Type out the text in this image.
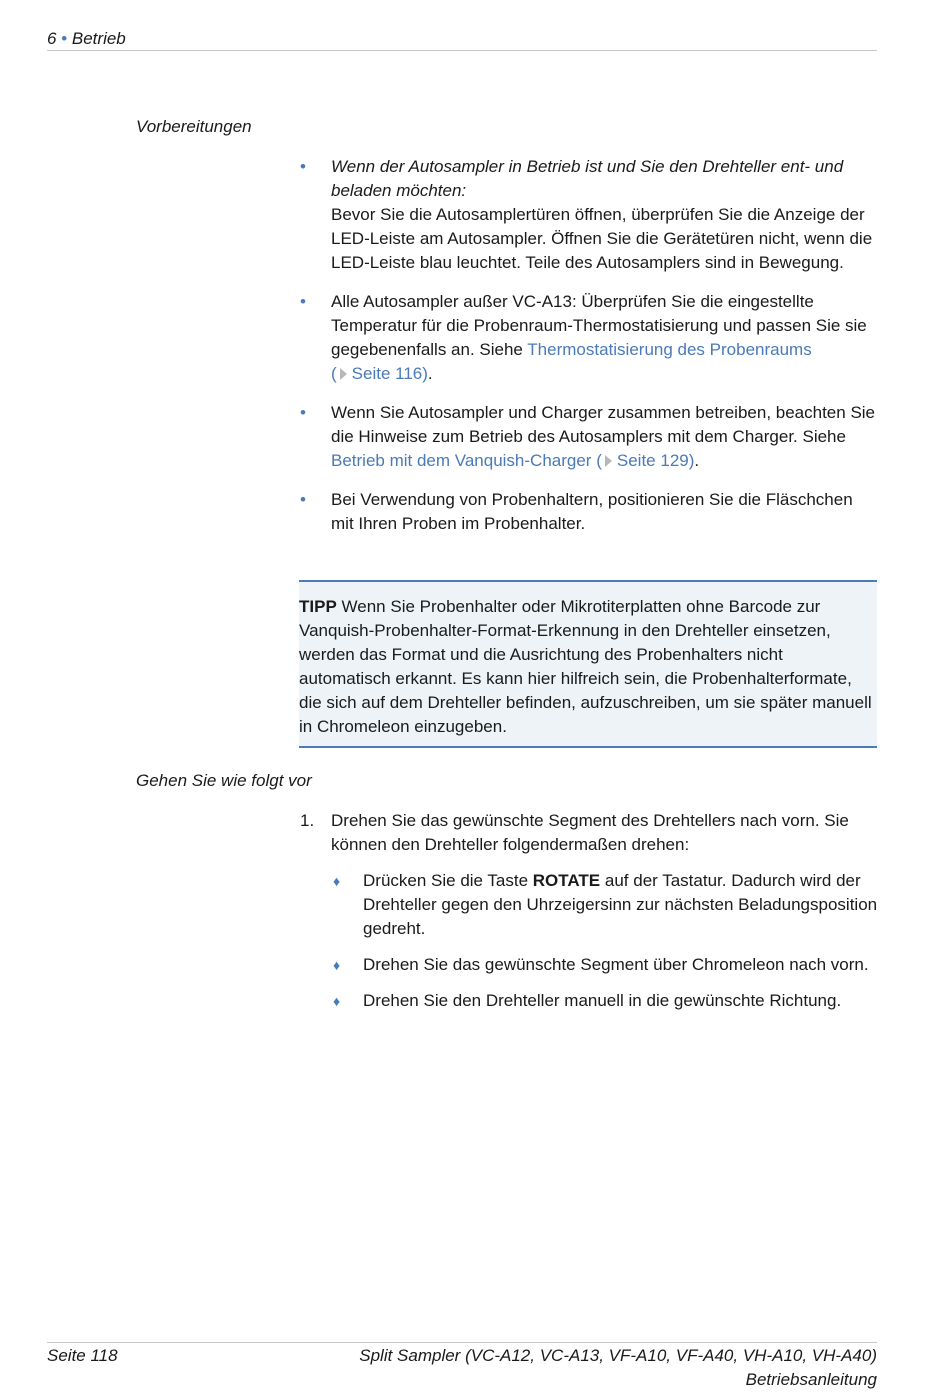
6 • Betrieb
Vorbereitungen
• Wenn der Autosampler in Betrieb ist und Sie den Drehteller ent- und beladen möchten:
Bevor Sie die Autosamplertüren öffnen, überprüfen Sie die Anzeige der LED-Leiste am Autosampler. Öffnen Sie die Gerätetüren nicht, wenn die LED-Leiste blau leuchtet. Teile des Autosamplers sind in Bewegung.
• Alle Autosampler außer VC-A13: Überprüfen Sie die eingestellte Temperatur für die Probenraum-Thermostatisierung und passen Sie sie gegebenenfalls an. Siehe Thermostatisierung des Probenraums
( Seite 116).
• Wenn Sie Autosampler und Charger zusammen betreiben, beachten Sie die Hinweise zum Betrieb des Autosamplers mit dem Charger. Siehe Betrieb mit dem Vanquish-Charger ( Seite 129).
• Bei Verwendung von Probenhaltern, positionieren Sie die Fläschchen mit Ihren Proben im Probenhalter.
TIPP Wenn Sie Probenhalter oder Mikrotiterplatten ohne Barcode zur Vanquish-Probenhalter-Format-Erkennung in den Drehteller einsetzen, werden das Format und die Ausrichtung des Probenhalters nicht automatisch erkannt. Es kann hier hilfreich sein, die Probenhalterformate, die sich auf dem Drehteller befinden, aufzuschreiben, um sie später manuell in Chromeleon einzugeben.
Gehen Sie wie folgt vor
1. Drehen Sie das gewünschte Segment des Drehtellers nach vorn. Sie können den Drehteller folgendermaßen drehen:
♦ Drücken Sie die Taste ROTATE auf der Tastatur. Dadurch wird der Drehteller gegen den Uhrzeigersinn zur nächsten Beladungsposition gedreht.
♦ Drehen Sie das gewünschte Segment über Chromeleon nach vorn.
♦ Drehen Sie den Drehteller manuell in die gewünschte Richtung.
Seite 118	Split Sampler (VC-A12, VC-A13, VF-A10, VF-A40, VH-A10, VH-A40)
Betriebsanleitung
